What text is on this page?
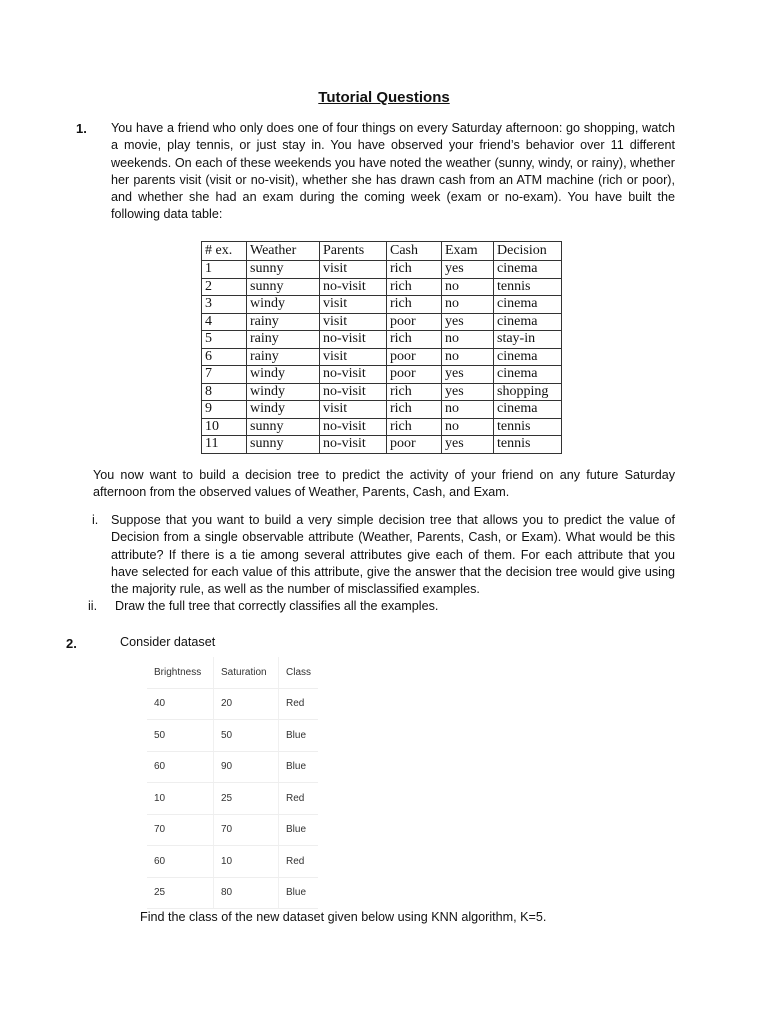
Tutorial Questions
1. You have a friend who only does one of four things on every Saturday afternoon: go shopping, watch a movie, play tennis, or just stay in. You have observed your friend’s behavior over 11 different weekends. On each of these weekends you have noted the weather (sunny, windy, or rainy), whether her parents visit (visit or no-visit), whether she has drawn cash from an ATM machine (rich or poor), and whether she had an exam during the coming week (exam or no-exam). You have built the following data table:
# ex.	Weather	Parents	Cash	Exam	Decision
1	sunny	visit	rich	yes	cinema
2	sunny	no-visit	rich	no	tennis
3	windy	visit	rich	no	cinema
4	rainy	visit	poor	yes	cinema
5	rainy	no-visit	rich	no	stay-in
6	rainy	visit	poor	no	cinema
7	windy	no-visit	poor	yes	cinema
8	windy	no-visit	rich	yes	shopping
9	windy	visit	rich	no	cinema
10	sunny	no-visit	rich	no	tennis
11	sunny	no-visit	poor	yes	tennis
You now want to build a decision tree to predict the activity of your friend on any future Saturday afternoon from the observed values of Weather, Parents, Cash, and Exam.
i. Suppose that you want to build a very simple decision tree that allows you to predict the value of Decision from a single observable attribute (Weather, Parents, Cash, or Exam). What would be this attribute? If there is a tie among several attributes give each of them. For each attribute that you have selected for each value of this attribute, give the answer that the decision tree would give using the majority rule, as well as the number of misclassified examples.
ii. Draw the full tree that correctly classifies all the examples.
2.	Consider dataset
Brightness	Saturation	Class
40	20	Red
50	50	Blue
60	90	Blue
10	25	Red
70	70	Blue
60	10	Red
25	80	Blue
Find the class of the new dataset given below using KNN algorithm, K=5.
